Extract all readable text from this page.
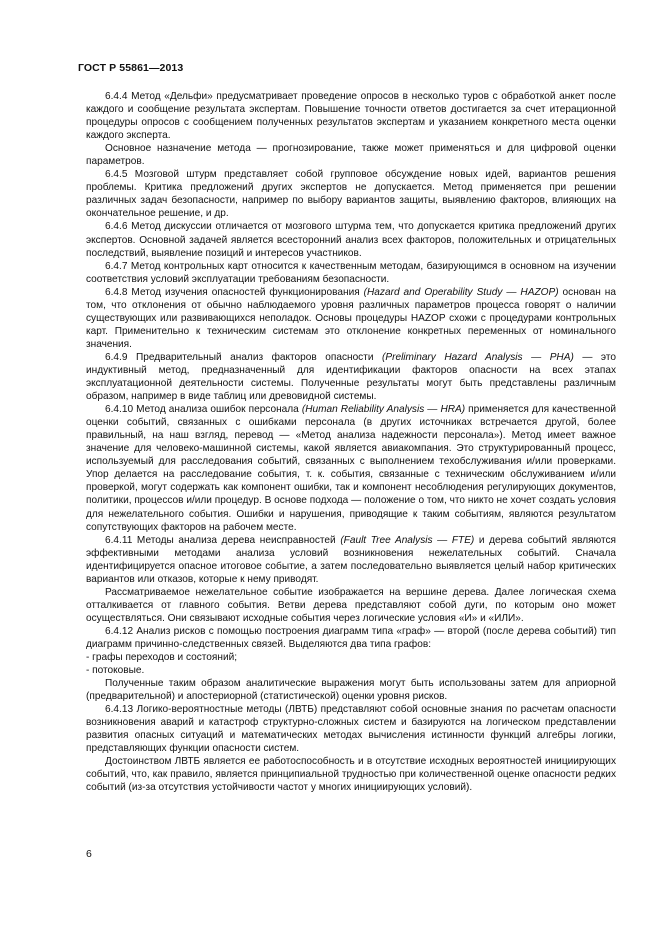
ГОСТ Р 55861—2013

6.4.4 Метод «Дельфи» предусматривает проведение опросов в несколько туров с обработкой анкет после каждого и сообщение результата экспертам. Повышение точности ответов достигается за счет итерационной процедуры опросов с сообщением полученных результатов экспертам и указанием конкретного места оценки каждого эксперта.

Основное назначение метода — прогнозирование, также может применяться и для цифровой оценки параметров.

6.4.5 Мозговой штурм представляет собой групповое обсуждение новых идей, вариантов решения проблемы. Критика предложений других экспертов не допускается. Метод применяется при решении различных задач безопасности, например по выбору вариантов защиты, выявлению факторов, влияющих на окончательное решение, и др.

6.4.6 Метод дискуссии отличается от мозгового штурма тем, что допускается критика предложений других экспертов. Основной задачей является всесторонний анализ всех факторов, положительных и отрицательных последствий, выявление позиций и интересов участников.

6.4.7 Метод контрольных карт относится к качественным методам, базирующимся в основном на изучении соответствия условий эксплуатации требованиям безопасности.

6.4.8 Метод изучения опасностей функционирования (Hazard and Operability Study — HAZOP) основан на том, что отклонения от обычно наблюдаемого уровня различных параметров процесса говорят о наличии существующих или развивающихся неполадок. Основы процедуры HAZOP схожи с процедурами контрольных карт. Применительно к техническим системам это отклонение конкретных переменных от номинального значения.

6.4.9 Предварительный анализ факторов опасности (Preliminary Hazard Analysis — PHA) — это индуктивный метод, предназначенный для идентификации факторов опасности на всех этапах эксплуатационной деятельности системы. Полученные результаты могут быть представлены различным образом, например в виде таблиц или древовидной системы.

6.4.10 Метод анализа ошибок персонала (Human Reliability Analysis — HRA) применяется для качественной оценки событий, связанных с ошибками персонала (в других источниках встречается другой, более правильный, на наш взгляд, перевод — «Метод анализа надежности персонала»). Метод имеет важное значение для человеко-машинной системы, какой является авиакомпания. Это структурированный процесс, используемый для расследования событий, связанных с выполнением техобслуживания и/или проверками. Упор делается на расследование события, т. к. события, связанные с техническим обслуживанием и/или проверкой, могут содержать как компонент ошибки, так и компонент несоблюдения регулирующих документов, политики, процессов и/или процедур. В основе подхода — положение о том, что никто не хочет создать условия для нежелательного события. Ошибки и нарушения, приводящие к таким событиям, являются результатом сопутствующих факторов на рабочем месте.

6.4.11 Методы анализа дерева неисправностей (Fault Tree Analysis — FTE) и дерева событий являются эффективными методами анализа условий возникновения нежелательных событий. Сначала идентифицируется опасное итоговое событие, а затем последовательно выявляется целый набор критических вариантов или отказов, которые к нему приводят.

Рассматриваемое нежелательное событие изображается на вершине дерева. Далее логическая схема отталкивается от главного события. Ветви дерева представляют собой дуги, по которым оно может осуществляться. Они связывают исходные события через логические условия «И» и «ИЛИ».

6.4.12 Анализ рисков с помощью построения диаграмм типа «граф» — второй (после дерева событий) тип диаграмм причинно-следственных связей. Выделяются два типа графов:

- графы переходов и состояний;

- потоковые.

Полученные таким образом аналитические выражения могут быть использованы затем для априорной (предварительной) и апостериорной (статистической) оценки уровня рисков.

6.4.13 Логико-вероятностные методы (ЛВТБ) представляют собой основные знания по расчетам опасности возникновения аварий и катастроф структурно-сложных систем и базируются на логическом представлении развития опасных ситуаций и математических методах вычисления истинности функций алгебры логики, представляющих функции опасности систем.

Достоинством ЛВТБ является ее работоспособность и в отсутствие исходных вероятностей инициирующих событий, что, как правило, является принципиальной трудностью при количественной оценке опасности редких событий (из-за отсутствия устойчивости частот у многих инициирующих условий).

6
